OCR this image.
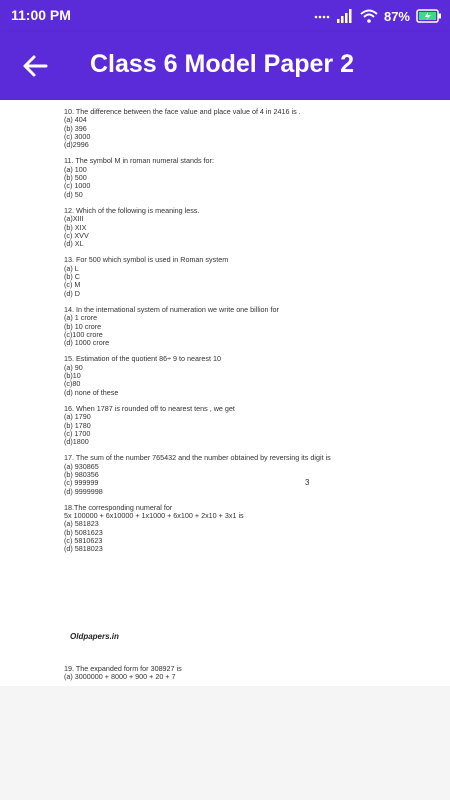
11:00 PM	87%
Class 6 Model Paper 2
10. The difference between the face value and place value of 4 in 2416 is .
(a) 404
(b) 396
(c) 3000
(d)2996
11. The symbol M in roman numeral stands for:
(a) 100
(b) 500
(c) 1000
(d) 50
12. Which of the following is meaning less.
(a)XIII
(b) XIX
(c) XVV
(d) XL
13. For 500 which symbol is used in Roman system
(a) L
(b) C
(c) M
(d) D
14. In the international system of numeration we write one billion for
(a) 1 crore
(b) 10 crore
(c)100 crore
(d) 1000 crore
15. Estimation of the quotient 86÷ 9 to nearest 10
(a) 90
(b)10
(c)80
(d) none of these
16. When 1787 is rounded off to nearest tens , we get
(a) 1790
(b) 1780
(c) 1700
(d)1800
17. The sum of the number 765432 and the number obtained by reversing its digit is
(a) 930865
(b) 980356
(c) 999999
(d) 9999998
18.The corresponding numeral for
5x 100000 + 6x10000 + 1x1000 + 6x100 + 2x10 + 3x1 is
(a) 581823
(b) 5081623
(c) 5810623
(d) 5818023
3
Oldpapers.in
19. The expanded form for 308927 is
(a) 3000000 + 8000 + 900 + 20 + 7
